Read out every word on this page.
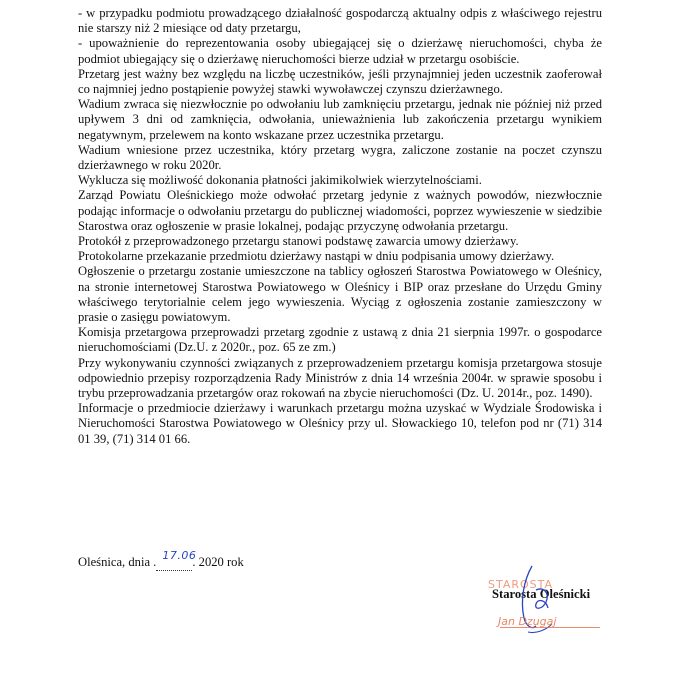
- w przypadku podmiotu prowadzącego działalność gospodarczą aktualny odpis z właściwego rejestru nie starszy niż 2 miesiące od daty przetargu,

- upoważnienie do reprezentowania osoby ubiegającej się o dzierżawę nieruchomości, chyba że podmiot ubiegający się o dzierżawę nieruchomości bierze udział w przetargu osobiście.

Przetarg jest ważny bez względu na liczbę uczestników, jeśli przynajmniej jeden uczestnik zaoferował co najmniej jedno postąpienie powyżej stawki wywoławczej czynszu dzierżawnego.

Wadium zwraca się niezwłocznie po odwołaniu lub zamknięciu przetargu, jednak nie później niż przed upływem 3 dni od zamknięcia, odwołania, unieważnienia lub zakończenia przetargu wynikiem negatywnym, przelewem na konto wskazane przez uczestnika przetargu.

Wadium wniesione przez uczestnika, który przetarg wygra, zaliczone zostanie na poczet czynszu dzierżawnego w roku 2020r.

Wyklucza się możliwość dokonania płatności jakimikolwiek wierzytelnościami.

Zarząd Powiatu Oleśnickiego może odwołać przetarg jedynie z ważnych powodów, niezwłocznie podając informacje o odwołaniu przetargu do publicznej wiadomości, poprzez wywieszenie w siedzibie Starostwa oraz ogłoszenie w prasie lokalnej, podając przyczynę odwołania przetargu.

Protokół z przeprowadzonego przetargu stanowi podstawę zawarcia umowy dzierżawy.

Protokolarne przekazanie przedmiotu dzierżawy nastąpi w dniu podpisania umowy dzierżawy.

Ogłoszenie o przetargu zostanie umieszczone na tablicy ogłoszeń Starostwa Powiatowego w Oleśnicy, na stronie internetowej Starostwa Powiatowego w Oleśnicy i BIP oraz przesłane do Urzędu Gminy właściwego terytorialnie celem jego wywieszenia. Wyciąg z ogłoszenia zostanie zamieszczony w prasie o zasięgu powiatowym.

Komisja przetargowa przeprowadzi przetarg zgodnie z ustawą z dnia 21 sierpnia 1997r. o gospodarce nieruchomościami (Dz.U. z 2020r., poz. 65 ze zm.)

Przy wykonywaniu czynności związanych z przeprowadzeniem przetargu komisja przetargowa stosuje odpowiednio przepisy rozporządzenia Rady Ministrów z dnia 14 września 2004r. w sprawie sposobu i trybu przeprowadzania przetargów oraz rokowań na zbycie nieruchomości (Dz. U. 2014r., poz. 1490).

Informacje o przedmiocie dzierżawy i warunkach przetargu można uzyskać w Wydziale Środowiska i Nieruchomości Starostwa Powiatowego w Oleśnicy przy ul. Słowackiego 10, telefon pod nr (71) 314 01 39, (71) 314 01 66.

Oleśnica, dnia . 17.06
. 2020 rok
STAROSTA
Starosta Oleśnicki
Jan Dzugaj
